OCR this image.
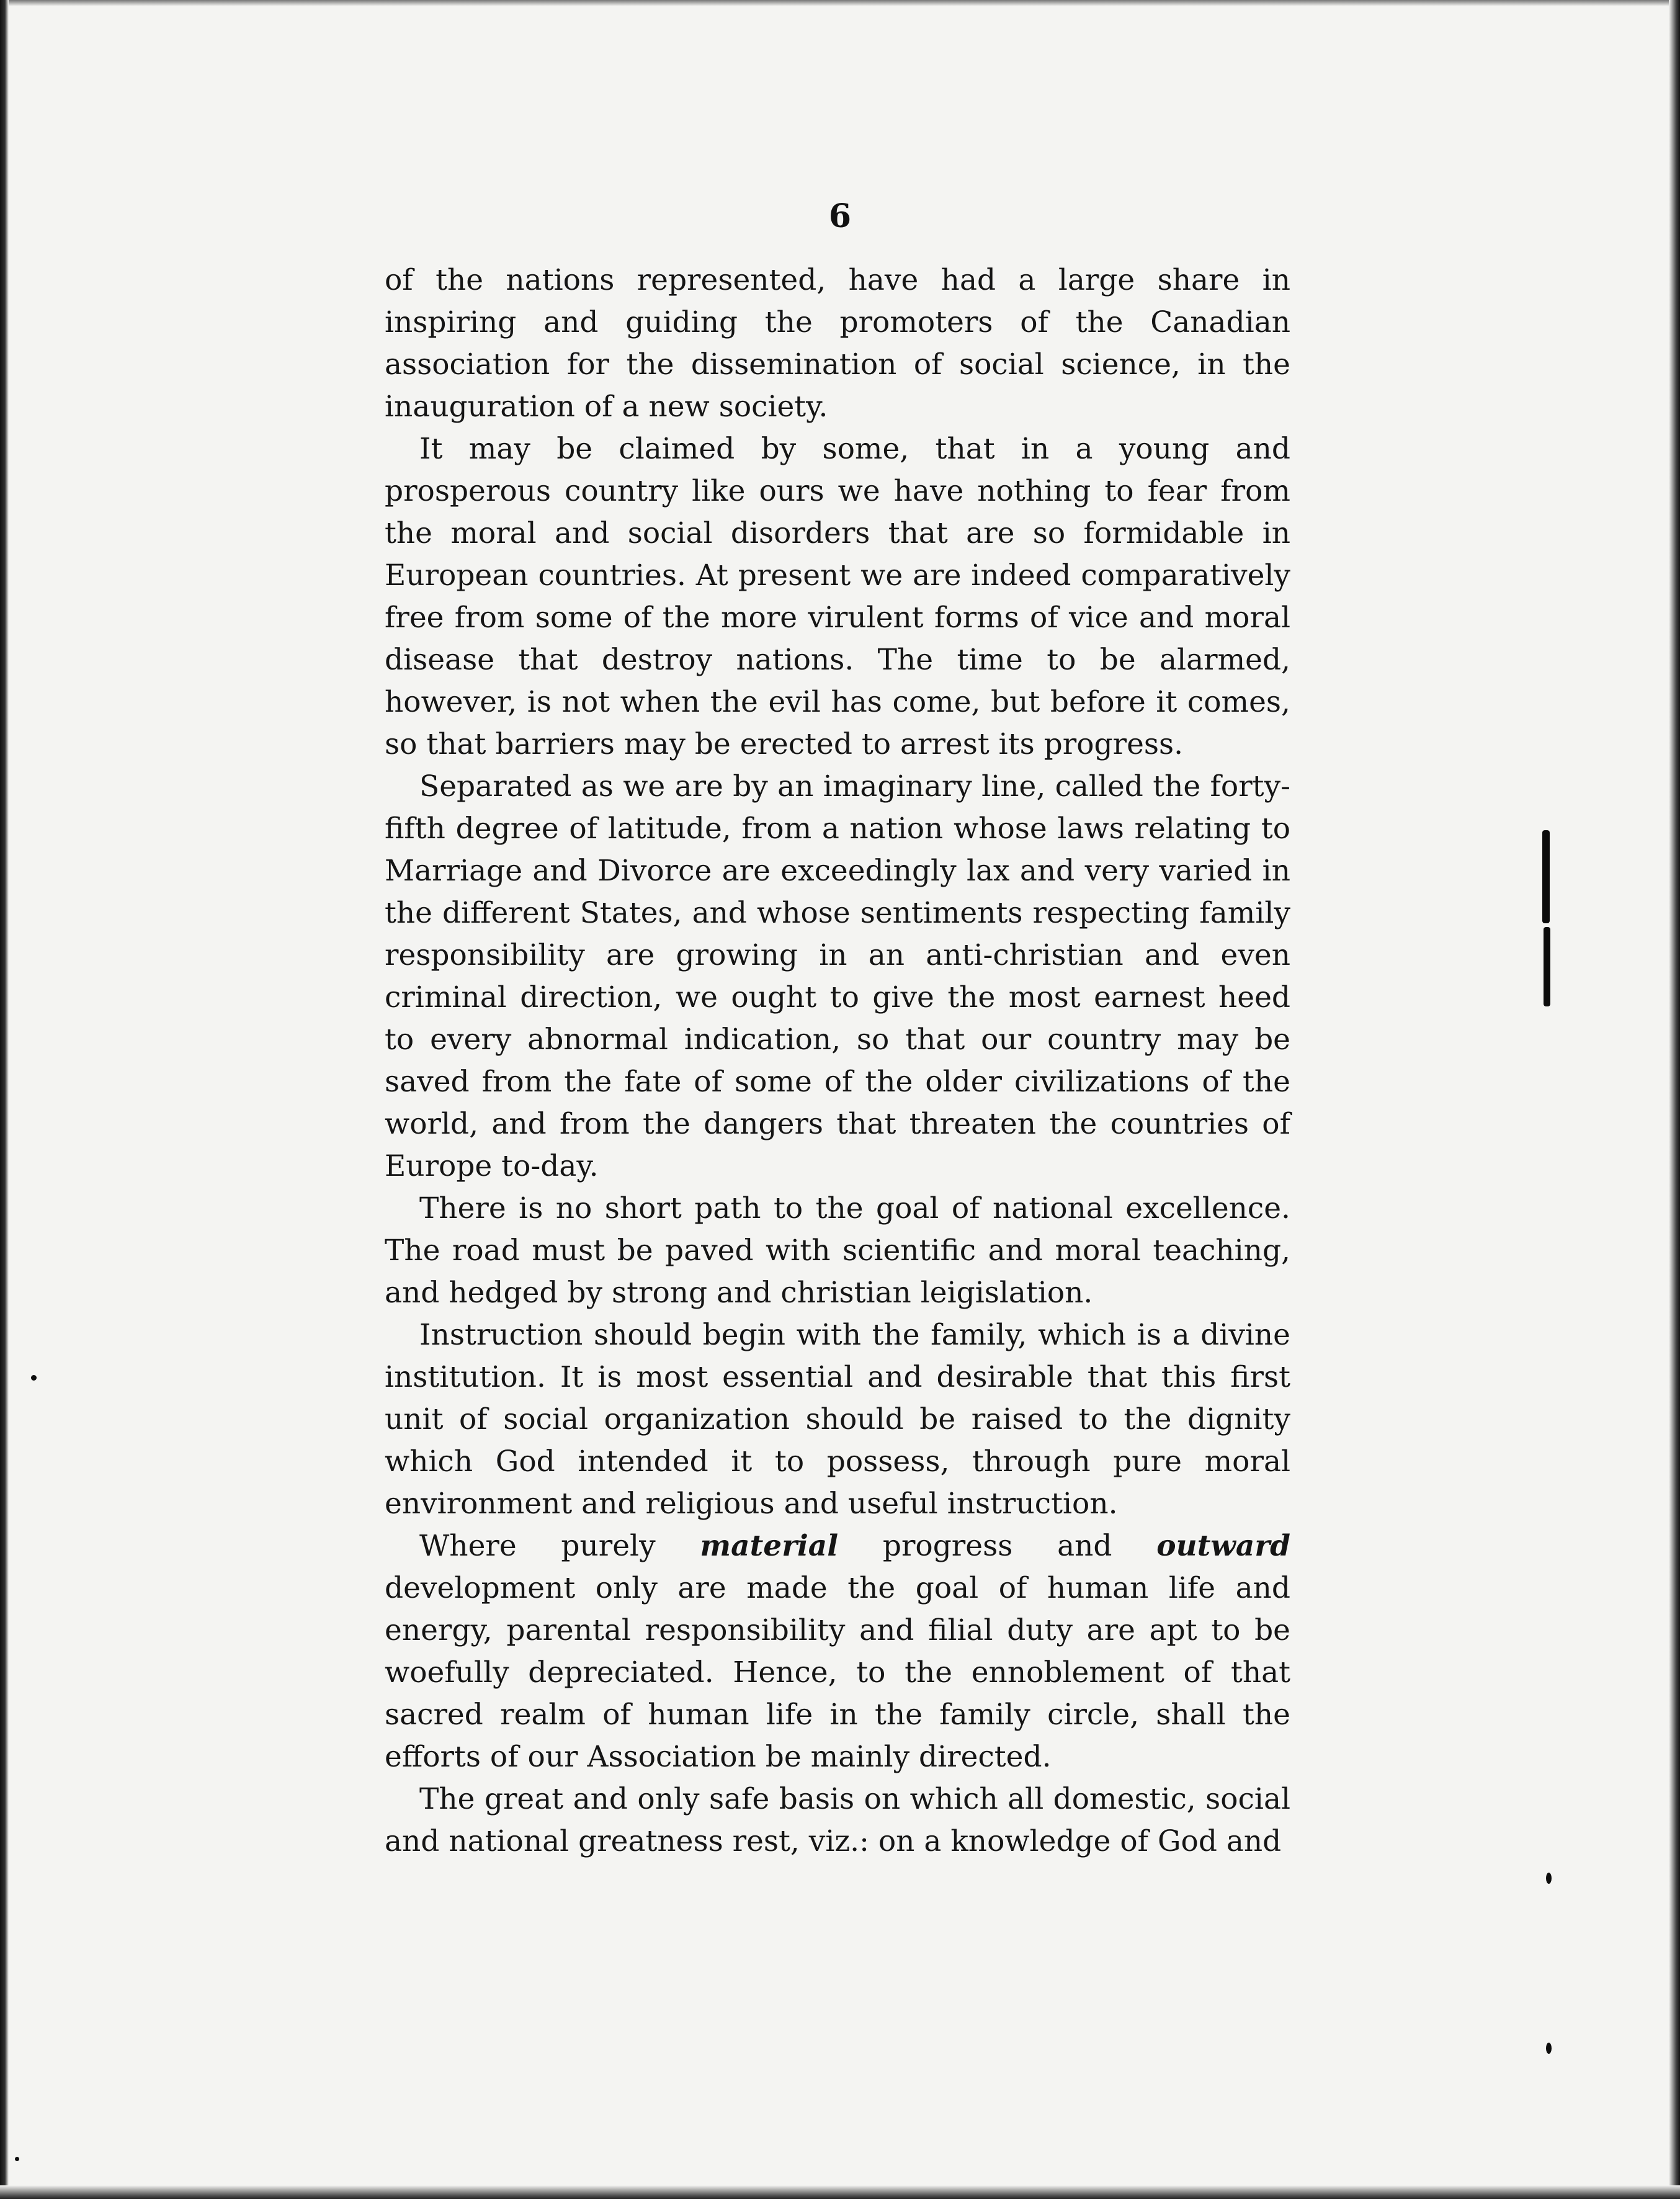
6

of the nations represented, have had a large share in inspiring and guiding the promoters of the Canadian association for the dissemination of social science, in the inauguration of a new society.

It may be claimed by some, that in a young and prosperous country like ours we have nothing to fear from the moral and social disorders that are so formidable in European countries. At present we are indeed comparatively free from some of the more virulent forms of vice and moral disease that destroy nations. The time to be alarmed, however, is not when the evil has come, but before it comes, so that barriers may be erected to arrest its progress.

Separated as we are by an imaginary line, called the forty-fifth degree of latitude, from a nation whose laws relating to Marriage and Divorce are exceedingly lax and very varied in the different States, and whose sentiments respecting family responsibility are growing in an anti-christian and even criminal direction, we ought to give the most earnest heed to every abnormal indication, so that our country may be saved from the fate of some of the older civilizations of the world, and from the dangers that threaten the countries of Europe to-day.

There is no short path to the goal of national excellence. The road must be paved with scientific and moral teaching, and hedged by strong and christian leigislation.

Instruction should begin with the family, which is a divine institution. It is most essential and desirable that this first unit of social organization should be raised to the dignity which God intended it to possess, through pure moral environment and religious and useful instruction.

Where purely material progress and outward development only are made the goal of human life and energy, parental responsibility and filial duty are apt to be woefully depreciated. Hence, to the ennoblement of that sacred realm of human life in the family circle, shall the efforts of our Association be mainly directed.

The great and only safe basis on which all domestic, social and national greatness rest, viz.: on a knowledge of God and
